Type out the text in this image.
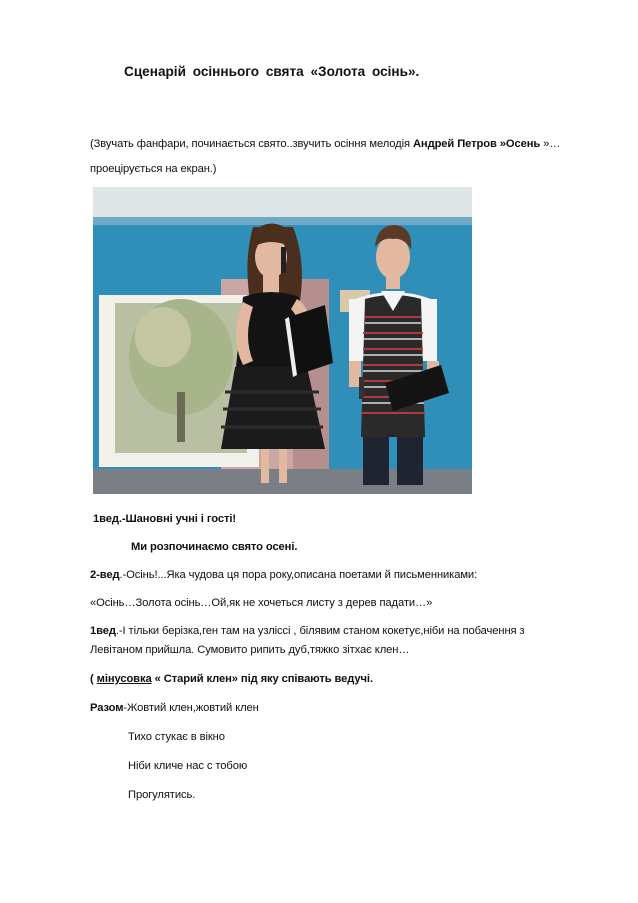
Сценарій осіннього свята «Золота осінь».
(Звучать фанфари, починається свято..звучить осіння мелодія Андрей Петров »Осень »…
проецірується на екран.)
1вед.-Шановні учні і гості!
Ми розпочинаємо свято осені.
2-вед.-Осінь!...Яка чудова ця пора року,описана поетами й письменниками:
«Осінь…Золота осінь…Ой,як не хочеться листу з дерев падати…»
1вед.-І тільки берізка,ген там на узліссі , білявим станом кокетує,ніби на побачення з
Левітаном прийшла. Сумовито рипить дуб,тяжко зітхає клен…
( мінусовка « Старий клен» під яку співають ведучі.
Разом-Жовтий клен,жовтий клен
Тихо стукає в вікно
Ніби кличе нас с тобою
Прогулятись.
